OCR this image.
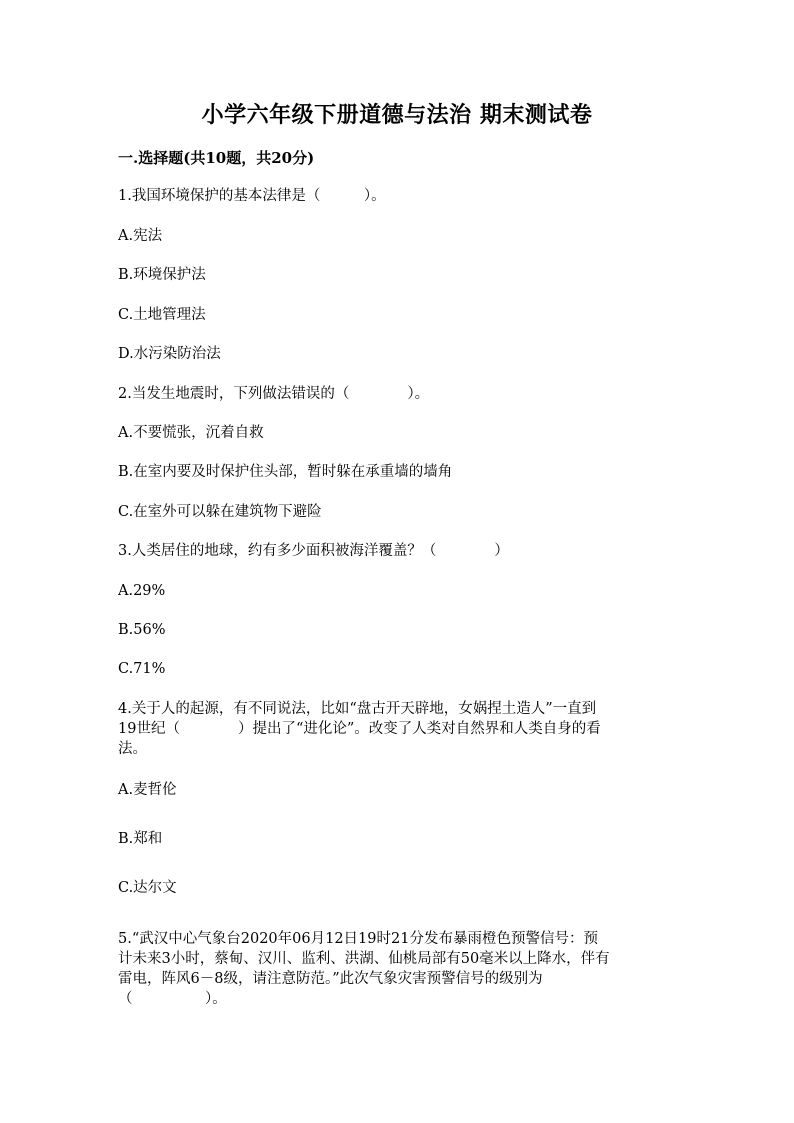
小学六年级下册道德与法治 期末测试卷
一.选择题(共10题，共20分)
1.我国环境保护的基本法律是（　　　）。
A.宪法
B.环境保护法
C.土地管理法
D.水污染防治法
2.当发生地震时，下列做法错误的（　　　　）。
A.不要慌张，沉着自救
B.在室内要及时保护住头部，暂时躲在承重墙的墙角
C.在室外可以躲在建筑物下避险
3.人类居住的地球，约有多少面积被海洋覆盖？（　　　　）
A.29%
B.56%
C.71%
4.关于人的起源，有不同说法，比如“盘古开天辟地，女娲捏土造人”一直到
19世纪（　　　　）提出了“进化论”。改变了人类对自然界和人类自身的看
法。
A.麦哲伦
B.郑和
C.达尔文
5.“武汉中心气象台2020年06月12日19时21分发布暴雨橙色预警信号：预
计未来3小时，蔡甸、汉川、监利、洪湖、仙桃局部有50毫米以上降水，伴有
雷电，阵风6－8级，请注意防范。”此次气象灾害预警信号的级别为
（　　　　　）。
